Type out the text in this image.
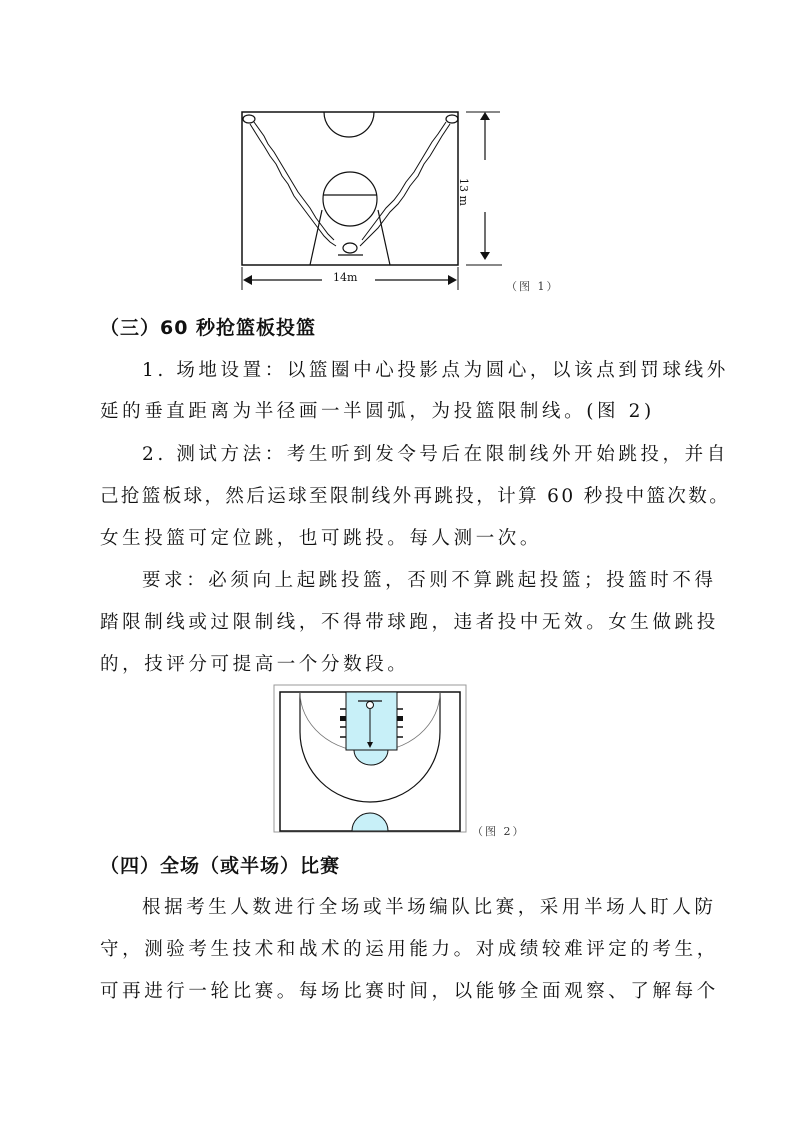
13 m
14m
（图 1）
（三）60 秒抢篮板投篮
1. 场地设置：以篮圈中心投影点为圆心，以该点到罚球线外
延的垂直距离为半径画一半圆弧，为投篮限制线。(图 2)
2. 测试方法：考生听到发令号后在限制线外开始跳投，并自
己抢篮板球，然后运球至限制线外再跳投，计算 60 秒投中篮次数。
女生投篮可定位跳，也可跳投。每人测一次。
要求：必须向上起跳投篮，否则不算跳起投篮；投篮时不得
踏限制线或过限制线，不得带球跑，违者投中无效。女生做跳投
的，技评分可提高一个分数段。
（图 2）
（四）全场（或半场）比赛
根据考生人数进行全场或半场编队比赛，采用半场人盯人防
守，测验考生技术和战术的运用能力。对成绩较难评定的考生，
可再进行一轮比赛。每场比赛时间，以能够全面观察、了解每个
